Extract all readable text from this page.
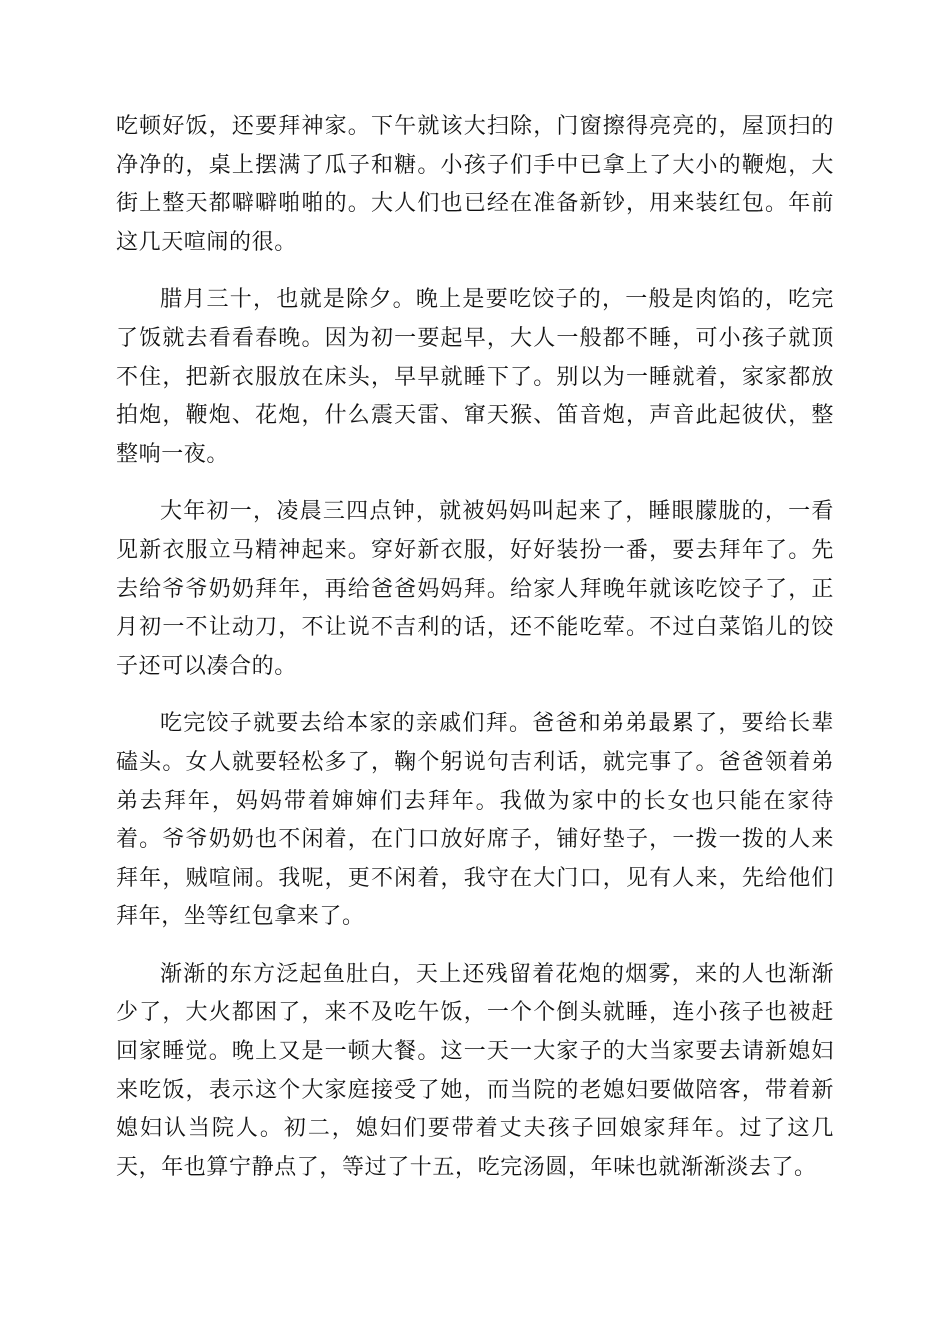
吃顿好饭，还要拜神家。下午就该大扫除，门窗擦得亮亮的，屋顶扫的净净的，桌上摆满了瓜子和糖。小孩子们手中已拿上了大小的鞭炮，大街上整天都噼噼啪啪的。大人们也已经在准备新钞，用来装红包。年前这几天喧闹的很。

腊月三十，也就是除夕。晚上是要吃饺子的，一般是肉馅的，吃完了饭就去看看春晚。因为初一要起早，大人一般都不睡，可小孩子就顶不住，把新衣服放在床头，早早就睡下了。别以为一睡就着，家家都放拍炮，鞭炮、花炮，什么震天雷、窜天猴、笛音炮，声音此起彼伏，整整响一夜。

大年初一，凌晨三四点钟，就被妈妈叫起来了，睡眼朦胧的，一看见新衣服立马精神起来。穿好新衣服，好好装扮一番，要去拜年了。先去给爷爷奶奶拜年，再给爸爸妈妈拜。给家人拜晚年就该吃饺子了，正月初一不让动刀，不让说不吉利的话，还不能吃荤。不过白菜馅儿的饺子还可以凑合的。

吃完饺子就要去给本家的亲戚们拜。爸爸和弟弟最累了，要给长辈磕头。女人就要轻松多了，鞠个躬说句吉利话，就完事了。爸爸领着弟弟去拜年，妈妈带着婶婶们去拜年。我做为家中的长女也只能在家待着。爷爷奶奶也不闲着，在门口放好席子，铺好垫子，一拨一拨的人来拜年，贼喧闹。我呢，更不闲着，我守在大门口，见有人来，先给他们拜年，坐等红包拿来了。

渐渐的东方泛起鱼肚白，天上还残留着花炮的烟雾，来的人也渐渐少了，大火都困了，来不及吃午饭，一个个倒头就睡，连小孩子也被赶回家睡觉。晚上又是一顿大餐。这一天一大家子的大当家要去请新媳妇来吃饭，表示这个大家庭接受了她，而当院的老媳妇要做陪客，带着新媳妇认当院人。初二，媳妇们要带着丈夫孩子回娘家拜年。过了这几天，年也算宁静点了，等过了十五，吃完汤圆，年味也就渐渐淡去了。
